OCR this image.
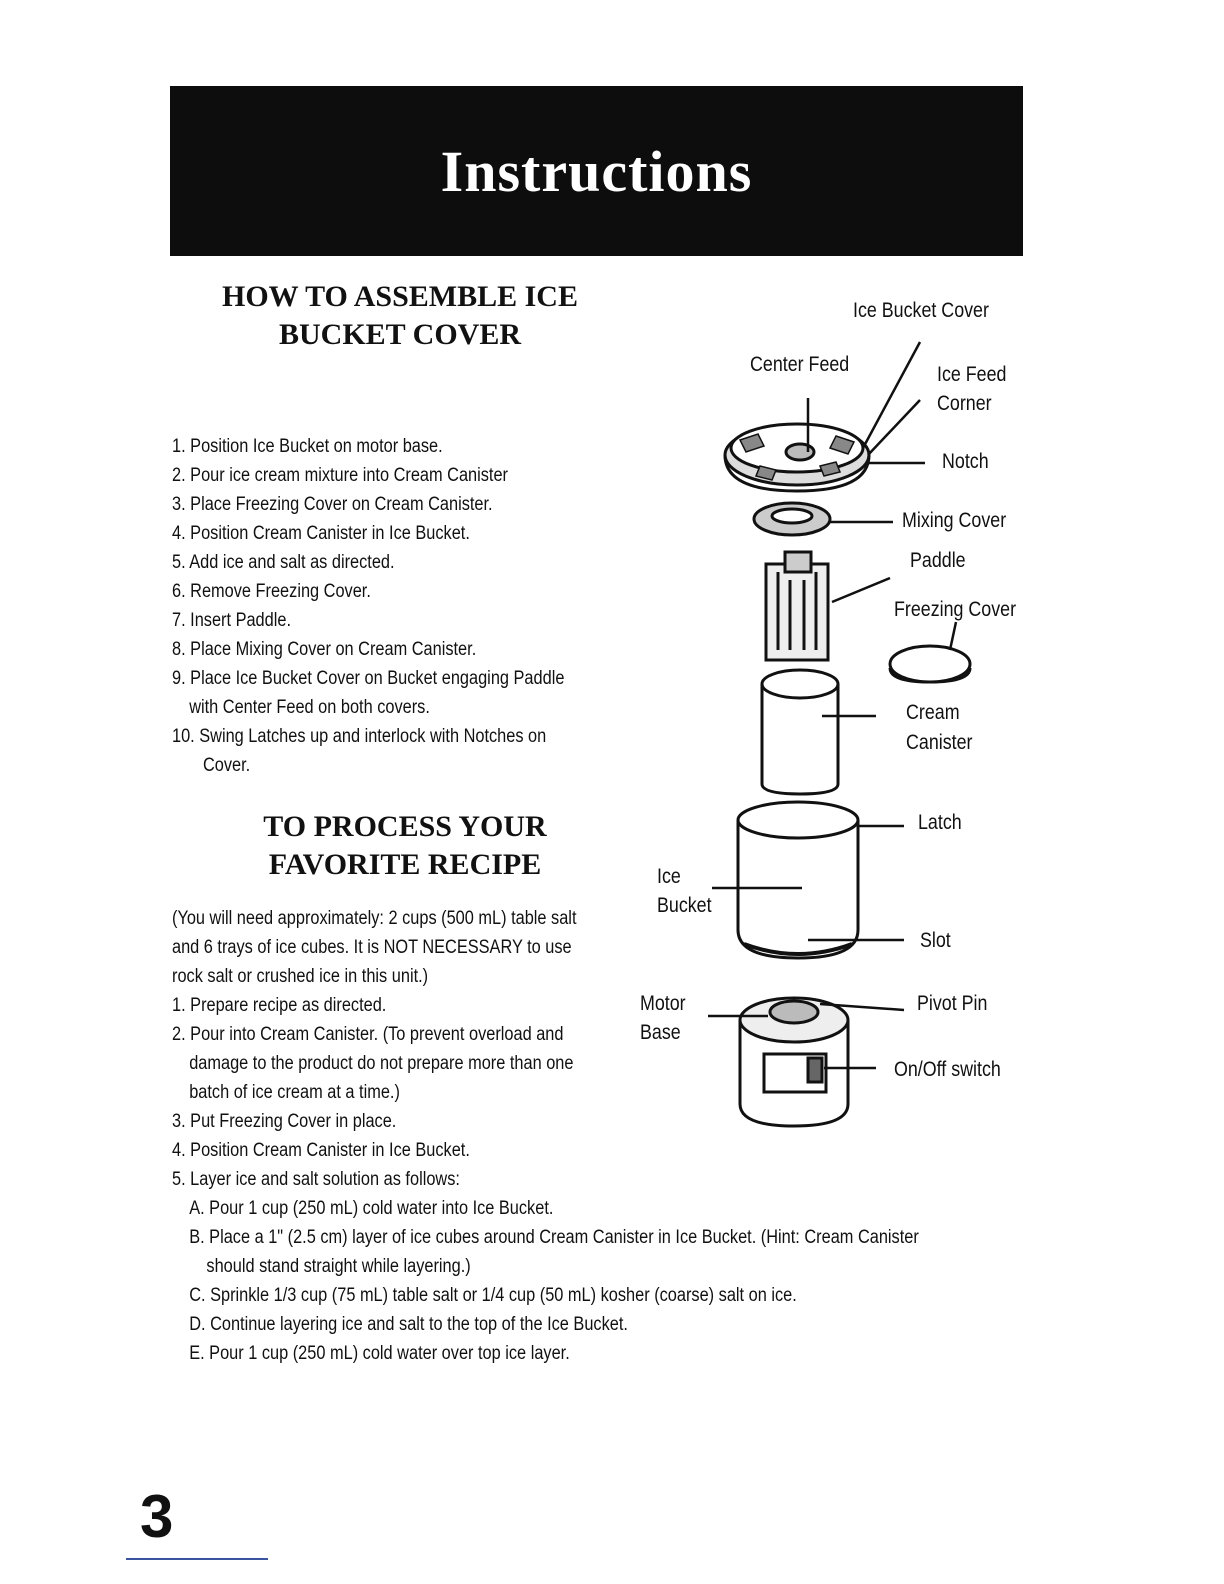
Instructions
HOW TO ASSEMBLE ICE
BUCKET COVER
1. Position Ice Bucket on motor base.
2. Pour ice cream mixture into Cream Canister
3. Place Freezing Cover on Cream Canister.
4. Position Cream Canister in Ice Bucket.
5. Add ice and salt as directed.
6. Remove Freezing Cover.
7. Insert Paddle.
8. Place Mixing Cover on Cream Canister.
9. Place Ice Bucket Cover on Bucket engaging Paddle
with Center Feed on both covers.
10. Swing Latches up and interlock with Notches on
Cover.
TO PROCESS YOUR
FAVORITE RECIPE
(You will need approximately: 2 cups (500 mL) table salt
and 6 trays of ice cubes. It is NOT NECESSARY to use
rock salt or crushed ice in this unit.)
1. Prepare recipe as directed.
2. Pour into Cream Canister. (To prevent overload and
damage to the product do not prepare more than one
batch of ice cream at a time.)
3. Put Freezing Cover in place.
4. Position Cream Canister in Ice Bucket.
5. Layer ice and salt solution as follows:
A. Pour 1 cup (250 mL) cold water into Ice Bucket.
B. Place a 1" (2.5 cm) layer of ice cubes around Cream Canister in Ice Bucket. (Hint: Cream Canister
should stand straight while layering.)
C. Sprinkle 1/3 cup (75 mL) table salt or 1/4 cup (50 mL) kosher (coarse) salt on ice.
D. Continue layering ice and salt to the top of the Ice Bucket.
E. Pour 1 cup (250 mL) cold water over top ice layer.
Ice Bucket Cover
Center Feed	Ice Feed
Corner
Notch
Mixing Cover
Paddle
Freezing Cover
Cream
Canister
Latch
Ice
Bucket
Slot
Motor
Base
Pivot Pin
On/Off switch
3
